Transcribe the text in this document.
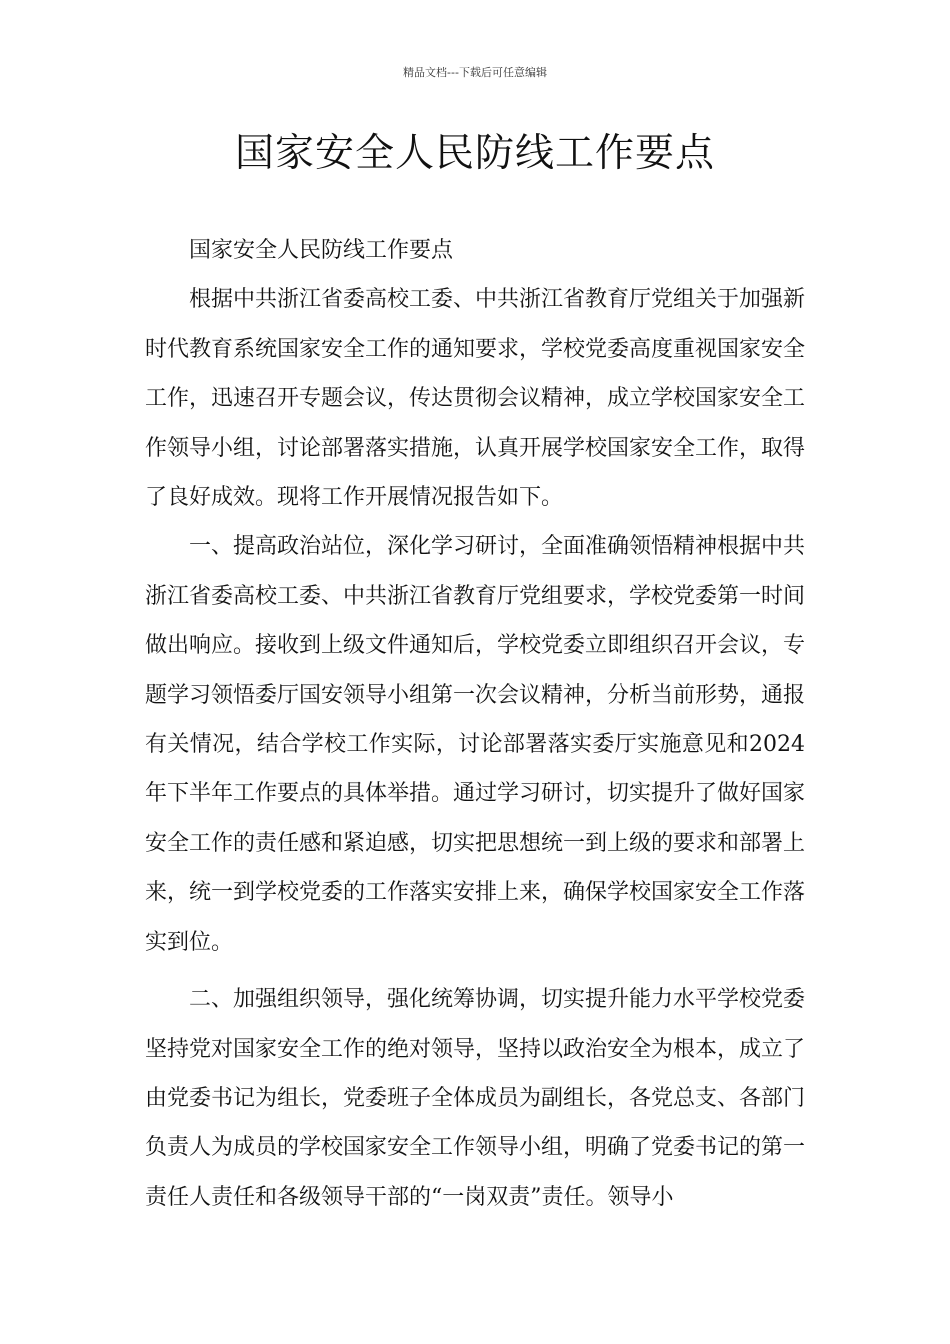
精品文档---下载后可任意编辑
国家安全人民防线工作要点

国家安全人民防线工作要点

根据中共浙江省委高校工委、中共浙江省教育厅党组关于加强新时代教育系统国家安全工作的通知要求，学校党委高度重视国家安全工作，迅速召开专题会议，传达贯彻会议精神，成立学校国家安全工作领导小组，讨论部署落实措施，认真开展学校国家安全工作，取得了良好成效。现将工作开展情况报告如下。

一、提高政治站位，深化学习研讨，全面准确领悟精神根据中共浙江省委高校工委、中共浙江省教育厅党组要求，学校党委第一时间做出响应。接收到上级文件通知后，学校党委立即组织召开会议，专题学习领悟委厅国安领导小组第一次会议精神，分析当前形势，通报有关情况，结合学校工作实际，讨论部署落实委厅实施意见和2024年下半年工作要点的具体举措。通过学习研讨，切实提升了做好国家安全工作的责任感和紧迫感，切实把思想统一到上级的要求和部署上来，统一到学校党委的工作落实安排上来，确保学校国家安全工作落实到位。

二、加强组织领导，强化统筹协调，切实提升能力水平学校党委坚持党对国家安全工作的绝对领导，坚持以政治安全为根本，成立了由党委书记为组长，党委班子全体成员为副组长，各党总支、各部门负责人为成员的学校国家安全工作领导小组，明确了党委书记的第一责任人责任和各级领导干部的“一岗双责”责任。领导小
